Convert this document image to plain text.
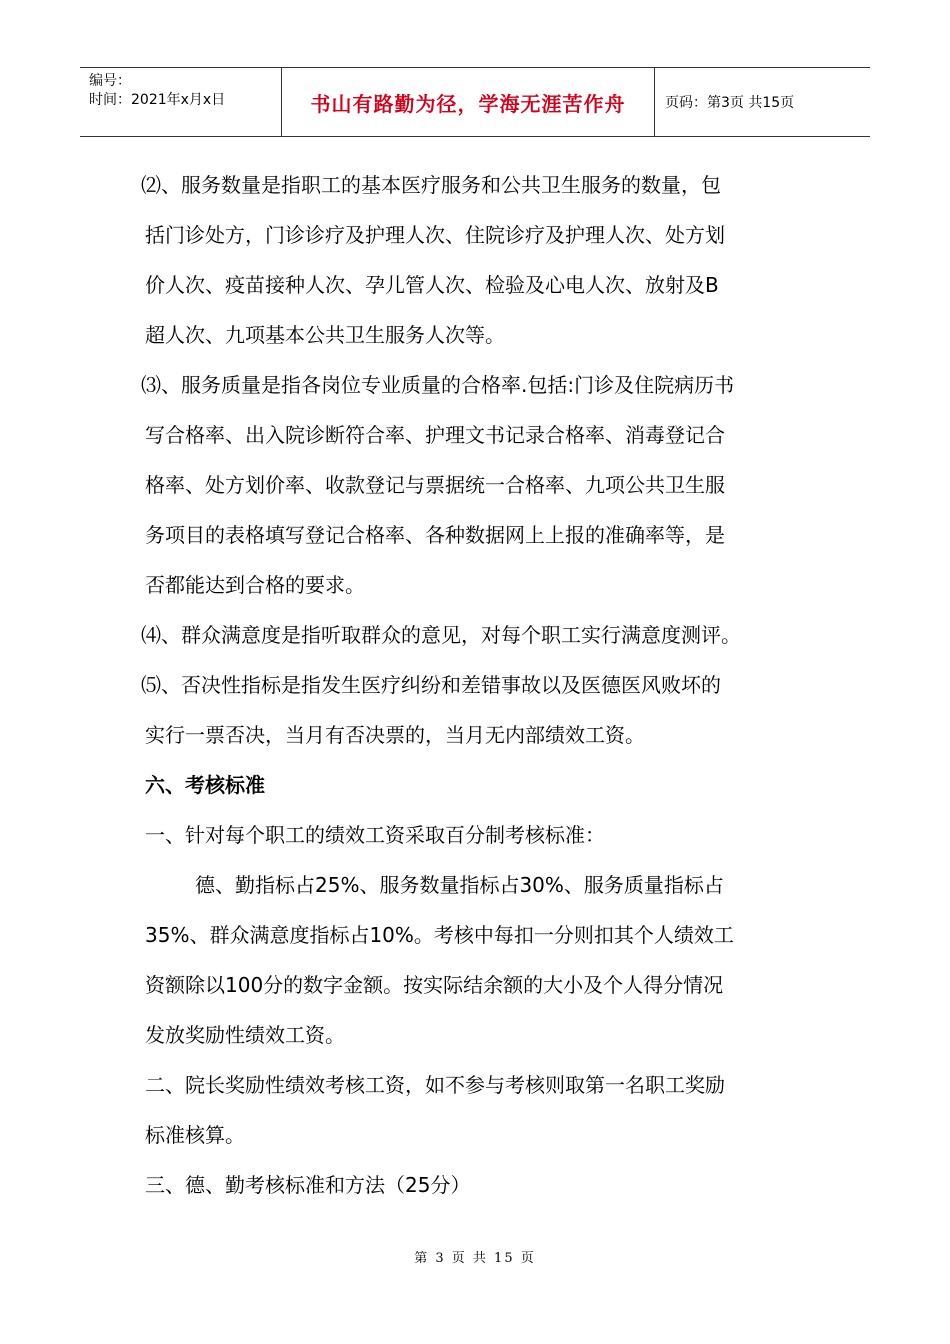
编号：
时间：2021年x月x日	书山有路勤为径，学海无涯苦作舟	页码：第3页 共15页
⑵、服务数量是指职工的基本医疗服务和公共卫生服务的数量，包
括门诊处方，门诊诊疗及护理人次、住院诊疗及护理人次、处方划
价人次、疫苗接种人次、孕儿管人次、检验及心电人次、放射及B
超人次、九项基本公共卫生服务人次等。
⑶、服务质量是指各岗位专业质量的合格率.包括:门诊及住院病历书
写合格率、出入院诊断符合率、护理文书记录合格率、消毒登记合
格率、处方划价率、收款登记与票据统一合格率、九项公共卫生服
务项目的表格填写登记合格率、各种数据网上上报的准确率等，是
否都能达到合格的要求。
⑷、群众满意度是指听取群众的意见，对每个职工实行满意度测评。
⑸、否决性指标是指发生医疗纠纷和差错事故以及医德医风败坏的
实行一票否决，当月有否决票的，当月无内部绩效工资。
六、考核标准
一、针对每个职工的绩效工资采取百分制考核标准：
德、勤指标占25%、服务数量指标占30%、服务质量指标占
35%、群众满意度指标占10%。考核中每扣一分则扣其个人绩效工
资额除以100分的数字金额。按实际结余额的大小及个人得分情况
发放奖励性绩效工资。
二、院长奖励性绩效考核工资，如不参与考核则取第一名职工奖励
标准核算。
三、德、勤考核标准和方法（25分）
第 3 页 共 15 页
